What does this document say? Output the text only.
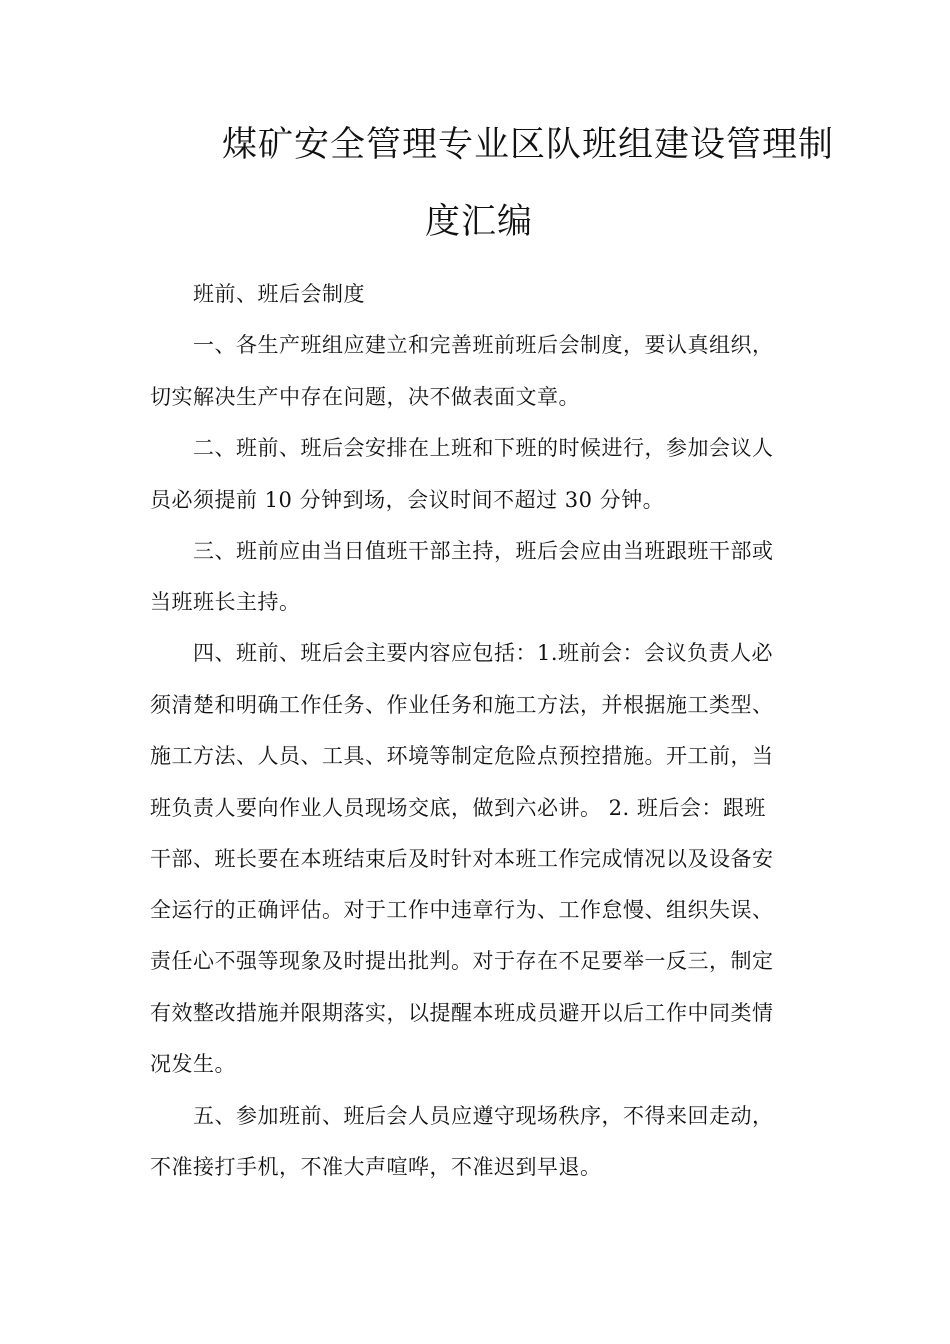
煤矿安全管理专业区队班组建设管理制
度汇编
班前、班后会制度
一、各生产班组应建立和完善班前班后会制度，要认真组织，
切实解决生产中存在问题，决不做表面文章。
二、班前、班后会安排在上班和下班的时候进行，参加会议人
员必须提前 10 分钟到场，会议时间不超过 30 分钟。
三、班前应由当日值班干部主持，班后会应由当班跟班干部或
当班班长主持。
四、班前、班后会主要内容应包括：1.班前会：会议负责人必
须清楚和明确工作任务、作业任务和施工方法，并根据施工类型、
施工方法、人员、工具、环境等制定危险点预控措施。开工前，当
班负责人要向作业人员现场交底，做到六必讲。 2. 班后会：跟班
干部、班长要在本班结束后及时针对本班工作完成情况以及设备安
全运行的正确评估。对于工作中违章行为、工作怠慢、组织失误、
责任心不强等现象及时提出批判。对于存在不足要举一反三，制定
有效整改措施并限期落实，以提醒本班成员避开以后工作中同类情
况发生。
五、参加班前、班后会人员应遵守现场秩序，不得来回走动，
不准接打手机，不准大声喧哗，不准迟到早退。
